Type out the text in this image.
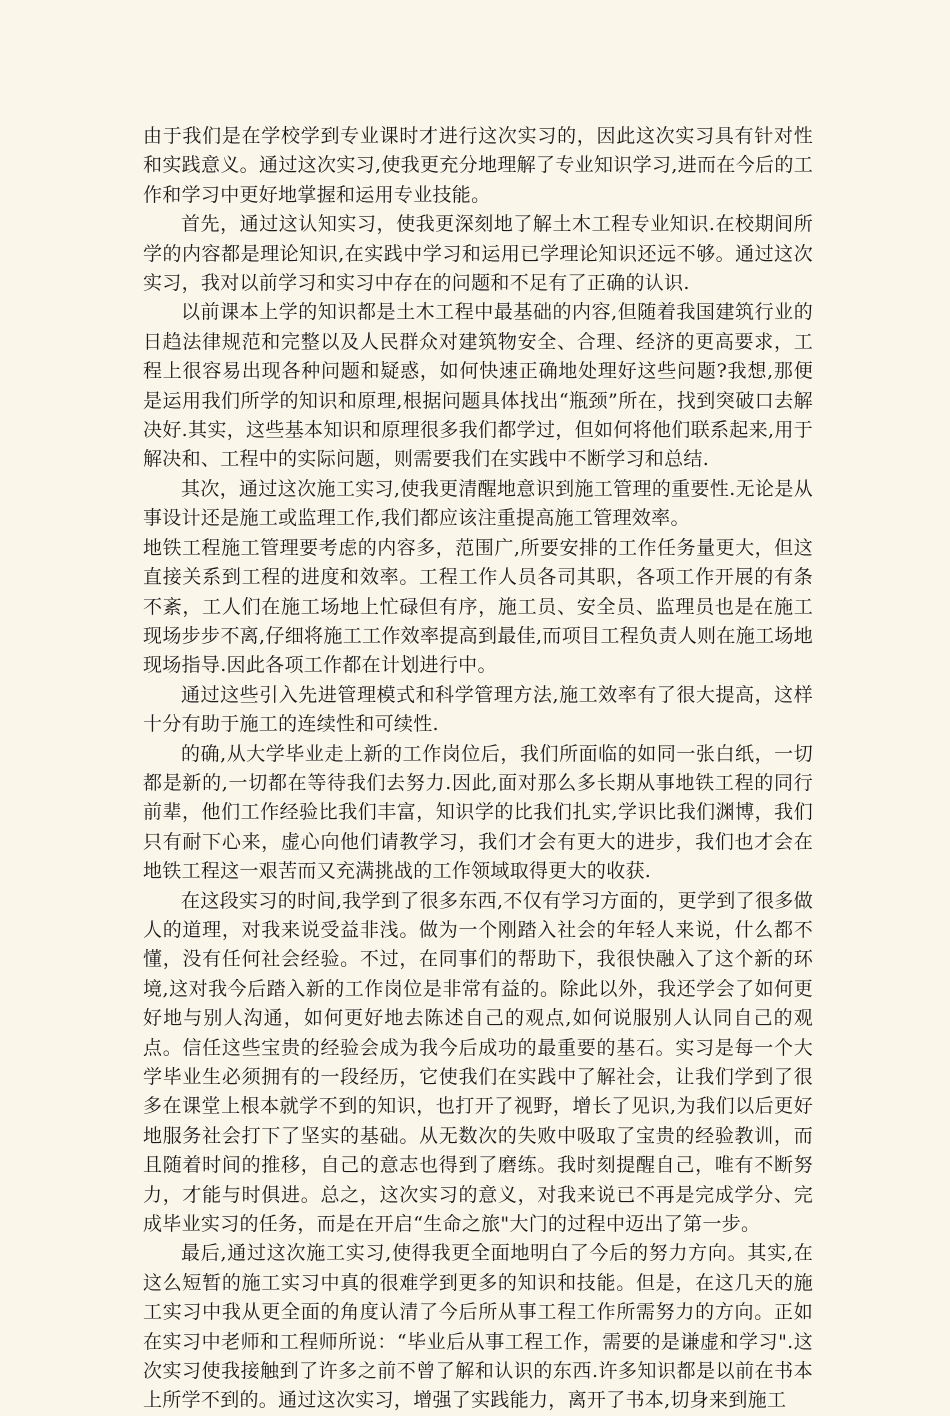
由于我们是在学校学到专业课时才进行这次实习的，因此这次实习具有针对性和实践意义。通过这次实习,使我更充分地理解了专业知识学习,进而在今后的工作和学习中更好地掌握和运用专业技能。

首先，通过这认知实习，使我更深刻地了解土木工程专业知识.在校期间所学的内容都是理论知识,在实践中学习和运用已学理论知识还远不够。通过这次实习，我对以前学习和实习中存在的问题和不足有了正确的认识.

以前课本上学的知识都是土木工程中最基础的内容,但随着我国建筑行业的日趋法律规范和完整以及人民群众对建筑物安全、合理、经济的更高要求，工程上很容易出现各种问题和疑惑，如何快速正确地处理好这些问题?我想,那便是运用我们所学的知识和原理,根据问题具体找出“瓶颈”所在，找到突破口去解决好.其实，这些基本知识和原理很多我们都学过，但如何将他们联系起来,用于解决和、工程中的实际问题，则需要我们在实践中不断学习和总结.

其次，通过这次施工实习,使我更清醒地意识到施工管理的重要性.无论是从事设计还是施工或监理工作,我们都应该注重提高施工管理效率。

地铁工程施工管理要考虑的内容多，范围广,所要安排的工作任务量更大，但这直接关系到工程的进度和效率。工程工作人员各司其职，各项工作开展的有条不紊，工人们在施工场地上忙碌但有序，施工员、安全员、监理员也是在施工现场步步不离,仔细将施工工作效率提高到最佳,而项目工程负责人则在施工场地现场指导.因此各项工作都在计划进行中。

通过这些引入先进管理模式和科学管理方法,施工效率有了很大提高，这样十分有助于施工的连续性和可续性.

的确,从大学毕业走上新的工作岗位后，我们所面临的如同一张白纸，一切都是新的,一切都在等待我们去努力.因此,面对那么多长期从事地铁工程的同行前辈，他们工作经验比我们丰富，知识学的比我们扎实,学识比我们渊博，我们只有耐下心来，虚心向他们请教学习，我们才会有更大的进步，我们也才会在地铁工程这一艰苦而又充满挑战的工作领域取得更大的收获.

在这段实习的时间,我学到了很多东西,不仅有学习方面的，更学到了很多做人的道理，对我来说受益非浅。做为一个刚踏入社会的年轻人来说，什么都不懂，没有任何社会经验。不过，在同事们的帮助下，我很快融入了这个新的环境,这对我今后踏入新的工作岗位是非常有益的。除此以外，我还学会了如何更好地与别人沟通，如何更好地去陈述自己的观点,如何说服别人认同自己的观点。信任这些宝贵的经验会成为我今后成功的最重要的基石。实习是每一个大学毕业生必须拥有的一段经历，它使我们在实践中了解社会，让我们学到了很多在课堂上根本就学不到的知识，也打开了视野，增长了见识,为我们以后更好地服务社会打下了坚实的基础。从无数次的失败中吸取了宝贵的经验教训，而且随着时间的推移，自己的意志也得到了磨练。我时刻提醒自己，唯有不断努力，才能与时俱进。总之，这次实习的意义，对我来说已不再是完成学分、完成毕业实习的任务，而是在开启“生命之旅"大门的过程中迈出了第一步。

最后,通过这次施工实习,使得我更全面地明白了今后的努力方向。其实,在这么短暂的施工实习中真的很难学到更多的知识和技能。但是，在这几天的施工实习中我从更全面的角度认清了今后所从事工程工作所需努力的方向。正如在实习中老师和工程师所说：“毕业后从事工程工作，需要的是谦虚和学习".这次实习使我接触到了许多之前不曾了解和认识的东西.许多知识都是以前在书本上所学不到的。通过这次实习，增强了实践能力，离开了书本,切身来到施工
